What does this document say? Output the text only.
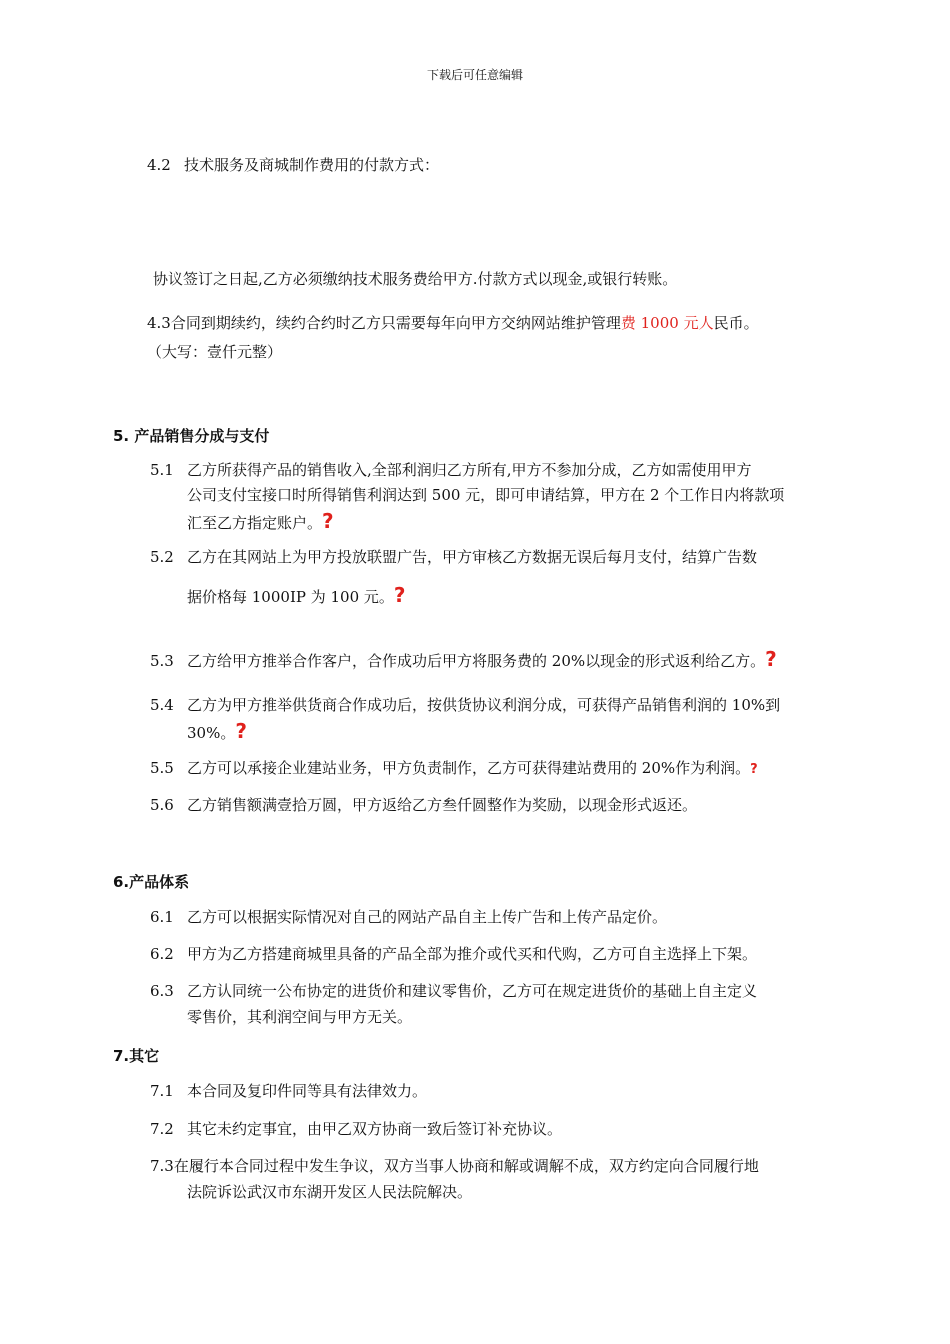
下载后可任意编辑
4.2 技术服务及商城制作费用的付款方式：
协议签订之日起,乙方必须缴纳技术服务费给甲方.付款方式以现金,或银行转账。
4.3合同到期续约，续约合约时乙方只需要每年向甲方交纳网站维护管理费 1000 元人民币。
（大写：壹仟元整）
5. 产品销售分成与支付
5.1 乙方所获得产品的销售收入,全部利润归乙方所有,甲方不参加分成，乙方如需使用甲方
公司支付宝接口时所得销售利润达到 500 元，即可申请结算，甲方在 2 个工作日内将款项
汇至乙方指定账户。?
5.2 乙方在其网站上为甲方投放联盟广告，甲方审核乙方数据无误后每月支付，结算广告数
据价格每 1000IP 为 100 元。?
5.3 乙方给甲方推举合作客户，合作成功后甲方将服务费的 20%以现金的形式返利给乙方。?
5.4 乙方为甲方推举供货商合作成功后，按供货协议利润分成，可获得产品销售利润的 10%到
30%。?
5.5 乙方可以承接企业建站业务，甲方负责制作，乙方可获得建站费用的 20%作为利润。?
5.6 乙方销售额满壹拾万圆，甲方返给乙方叁仟圆整作为奖励，以现金形式返还。
6.产品体系
6.1 乙方可以根据实际情况对自己的网站产品自主上传广告和上传产品定价。
6.2 甲方为乙方搭建商城里具备的产品全部为推介或代买和代购，乙方可自主选择上下架。
6.3 乙方认同统一公布协定的进货价和建议零售价，乙方可在规定进货价的基础上自主定义
零售价，其利润空间与甲方无关。
7.其它
7.1 本合同及复印件同等具有法律效力。
7.2 其它未约定事宜，由甲乙双方协商一致后签订补充协议。
7.3在履行本合同过程中发生争议，双方当事人协商和解或调解不成，双方约定向合同履行地
法院诉讼武汉市东湖开发区人民法院解决。
